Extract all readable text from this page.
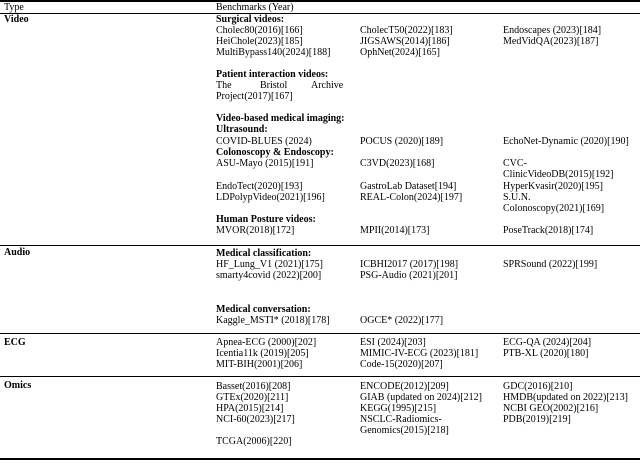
Type	Benchmarks (Year)
Video	Surgical videos:
Cholec80(2016)[166]	CholecT50(2022)[183]	Endoscapes (2023)[184]
HeiChole(2023)[185]	JIGSAWS(2014)[186]	MedVidQA(2023)[187]
MultiBypass140(2024)[188]	OphNet(2024)[165]
Patient interaction videos:
The	Bristol Archive
Project(2017)[167]
Video-based medical imaging:
Ultrasound:
COVID-BLUES (2024)	POCUS (2020)[189]	EchoNet-Dynamic (2020)[190]
Colonoscopy & Endoscopy:
ASU-Mayo (2015)[191]	C3VD(2023)[168]	CVC-
ClinicVideoDB(2015)[192]
EndoTect(2020)[193]	GastroLab Dataset[194]	HyperKvasir(2020)[195]
LDPolypVideo(2021)[196]	REAL-Colon(2024)[197]	S.U.N.
Colonoscopy(2021)[169]
Human Posture videos:
MVOR(2018)[172]	MPII(2014)[173]	PoseTrack(2018)[174]
Audio	Medical classification:
HF_Lung_V1 (2021)[175]	ICBHI2017 (2017)[198]	SPRSound (2022)[199]
smarty4covid (2022)[200]	PSG-Audio (2021)[201]
Medical conversation:
Kaggle_MSTI* (2018)[178]	OGCE* (2022)[177]
ECG	Apnea-ECG (2000)[202]	ESI (2024)[203]	ECG-QA (2024)[204]
Icentia11k (2019)[205]	MIMIC-IV-ECG (2023)[181] PTB-XL (2020)[180]
MIT-BIH(2001)[206]	Code-15(2020)[207]
Omics	Basset(2016)[208]	ENCODE(2012)[209]	GDC(2016)[210]
GTEx(2020)[211]	GIAB (updated on 2024)[212] HMDB(updated on 2022)[213]
HPA(2015)[214]	KEGG(1995)[215]	NCBI GEO(2002)[216]
NCI-60(2023)[217]	NSCLC-Radiomics-	PDB(2019)[219]
Genomics(2015)[218]
TCGA(2006)[220]
